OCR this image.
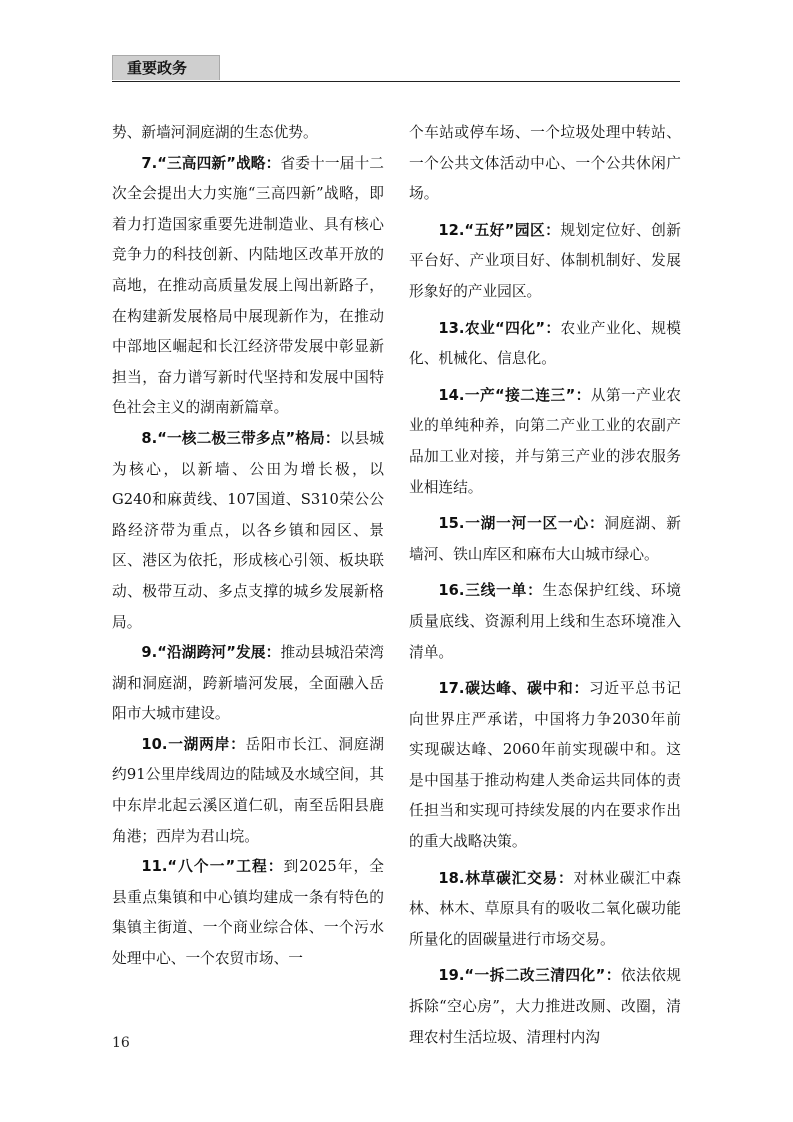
重要政务

势、新墙河洞庭湖的生态优势。

7.“三高四新”战略：省委十一届十二次全会提出大力实施“三高四新”战略，即着力打造国家重要先进制造业、具有核心竞争力的科技创新、内陆地区改革开放的高地，在推动高质量发展上闯出新路子，在构建新发展格局中展现新作为，在推动中部地区崛起和长江经济带发展中彰显新担当，奋力谱写新时代坚持和发展中国特色社会主义的湖南新篇章。

8.“一核二极三带多点”格局：以县城为核心，以新墙、公田为增长极，以G240和麻黄线、107国道、S310荣公公路经济带为重点，以各乡镇和园区、景区、港区为依托，形成核心引领、板块联动、极带互动、多点支撑的城乡发展新格局。

9.“沿湖跨河”发展：推动县城沿荣湾湖和洞庭湖，跨新墙河发展，全面融入岳阳市大城市建设。

10.一湖两岸：岳阳市长江、洞庭湖约91公里岸线周边的陆域及水域空间，其中东岸北起云溪区道仁矶，南至岳阳县鹿角港；西岸为君山垸。

11.“八个一”工程：到2025年，全县重点集镇和中心镇均建成一条有特色的集镇主街道、一个商业综合体、一个污水处理中心、一个农贸市场、一

个车站或停车场、一个垃圾处理中转站、一个公共文体活动中心、一个公共休闲广场。

12.“五好”园区：规划定位好、创新平台好、产业项目好、体制机制好、发展形象好的产业园区。

13.农业“四化”：农业产业化、规模化、机械化、信息化。

14.一产“接二连三”：从第一产业农业的单纯种养，向第二产业工业的农副产品加工业对接，并与第三产业的涉农服务业相连结。

15.一湖一河一区一心：洞庭湖、新墙河、铁山库区和麻布大山城市绿心。

16.三线一单：生态保护红线、环境质量底线、资源利用上线和生态环境准入清单。

17.碳达峰、碳中和：习近平总书记向世界庄严承诺，中国将力争2030年前实现碳达峰、2060年前实现碳中和。这是中国基于推动构建人类命运共同体的责任担当和实现可持续发展的内在要求作出的重大战略决策。

18.林草碳汇交易：对林业碳汇中森林、林木、草原具有的吸收二氧化碳功能所量化的固碳量进行市场交易。

19.“一拆二改三清四化”：依法依规拆除“空心房”，大力推进改厕、改圈，清理农村生活垃圾、清理村内沟

16
